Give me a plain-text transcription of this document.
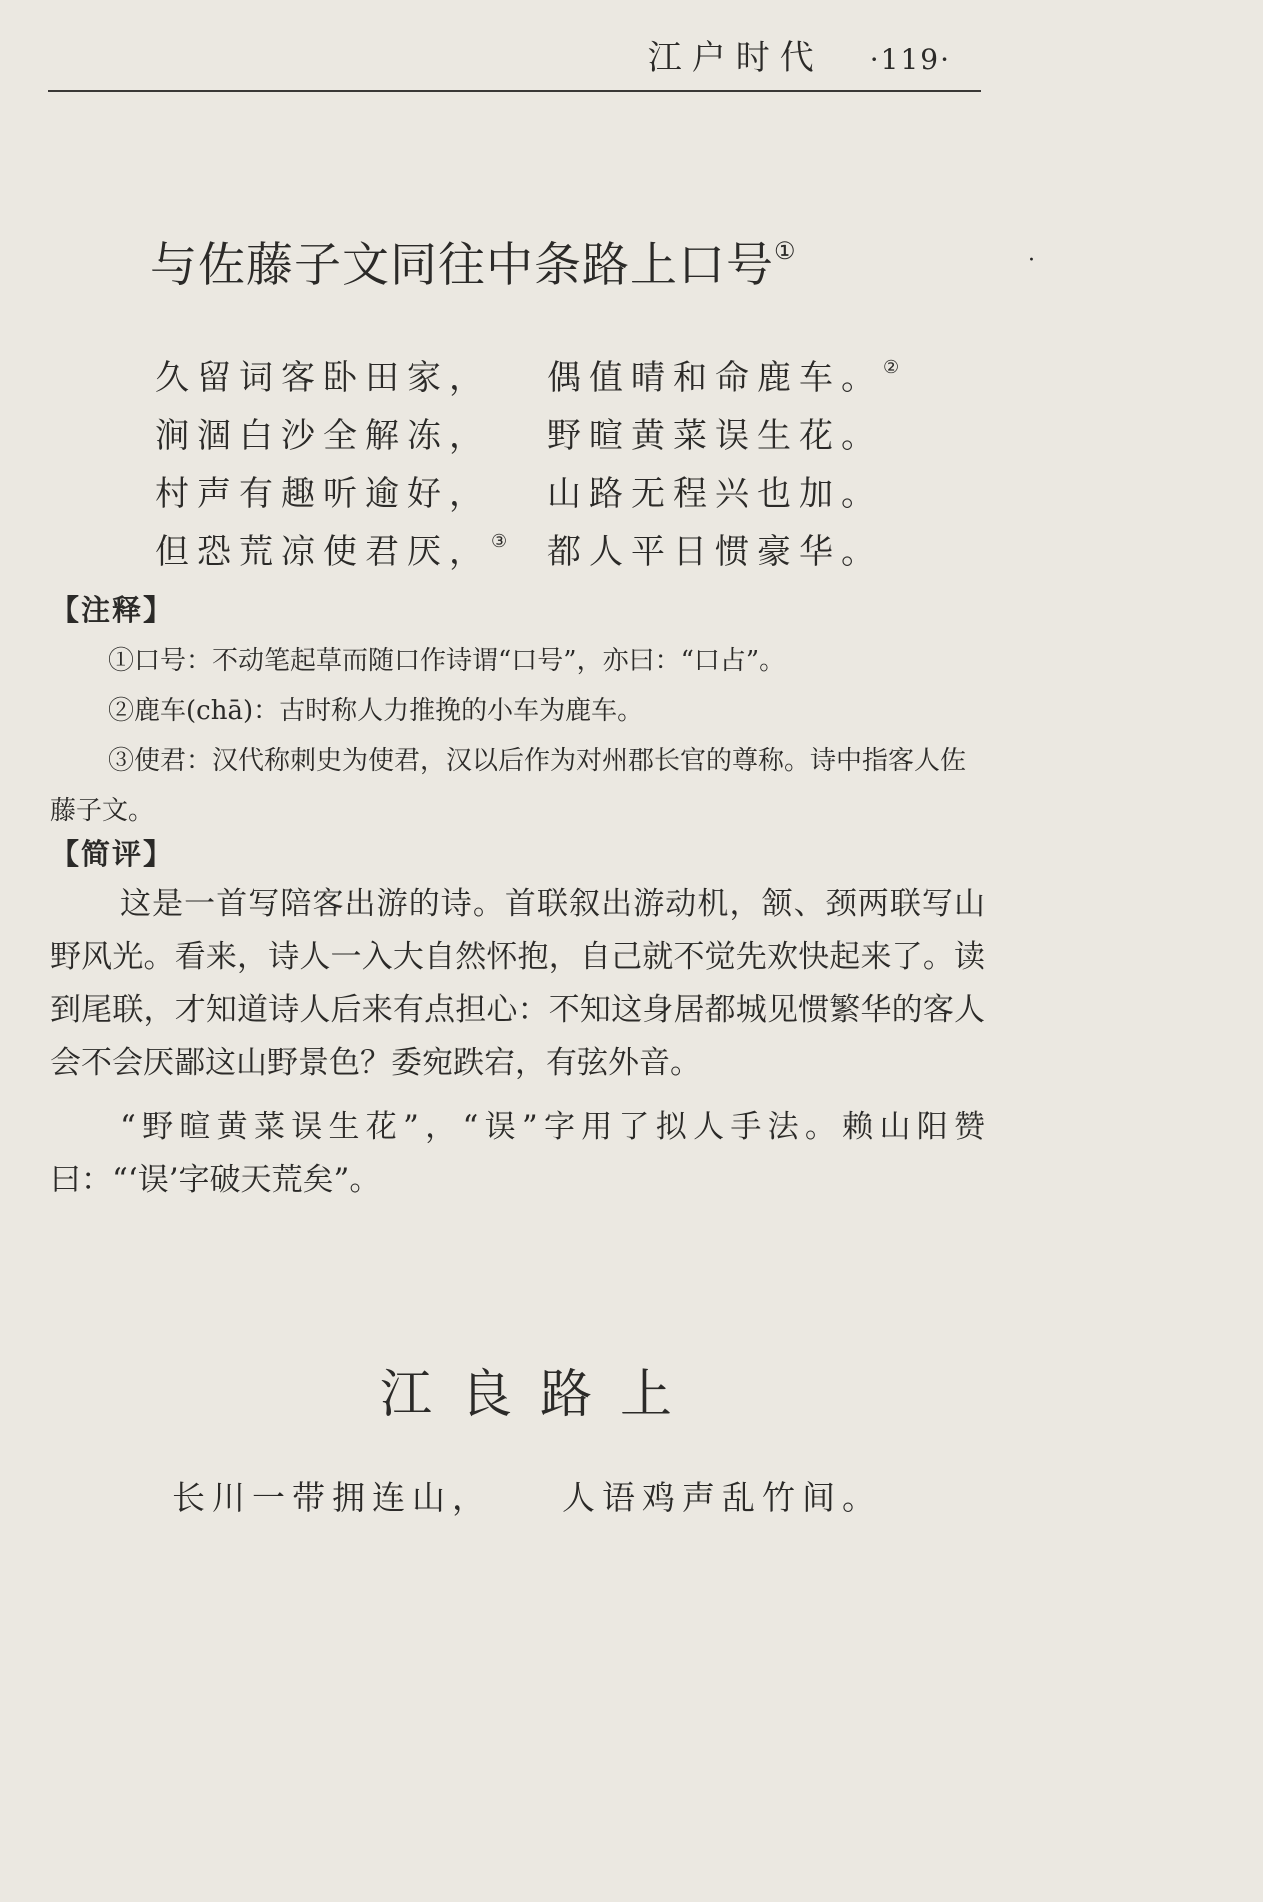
江户时代 ·119·
·
与佐藤子文同往中条路上口号①
久留词客卧田家， 偶值晴和命鹿车。②
涧涸白沙全解冻， 野暄黄菜误生花。
村声有趣听逾好， 山路无程兴也加。
但恐荒凉使君厌，③ 都人平日惯豪华。
【注释】

①口号：不动笔起草而随口作诗谓“口号”，亦曰：“口占”。

②鹿车(chā)：古时称人力推挽的小车为鹿车。

③使君：汉代称刺史为使君，汉以后作为对州郡长官的尊称。诗中指客人佐藤子文。

【简评】

这是一首写陪客出游的诗。首联叙出游动机，颔、颈两联写山野风光。看来，诗人一入大自然怀抱，自己就不觉先欢快起来了。读到尾联，才知道诗人后来有点担心：不知这身居都城见惯繁华的客人会不会厌鄙这山野景色？委宛跌宕，有弦外音。

“野暄黄菜误生花”，“误”字用了拟人手法。赖山阳赞曰：“‘误’字破天荒矣”。

江良路上
长川一带拥连山， 人语鸡声乱竹间。
